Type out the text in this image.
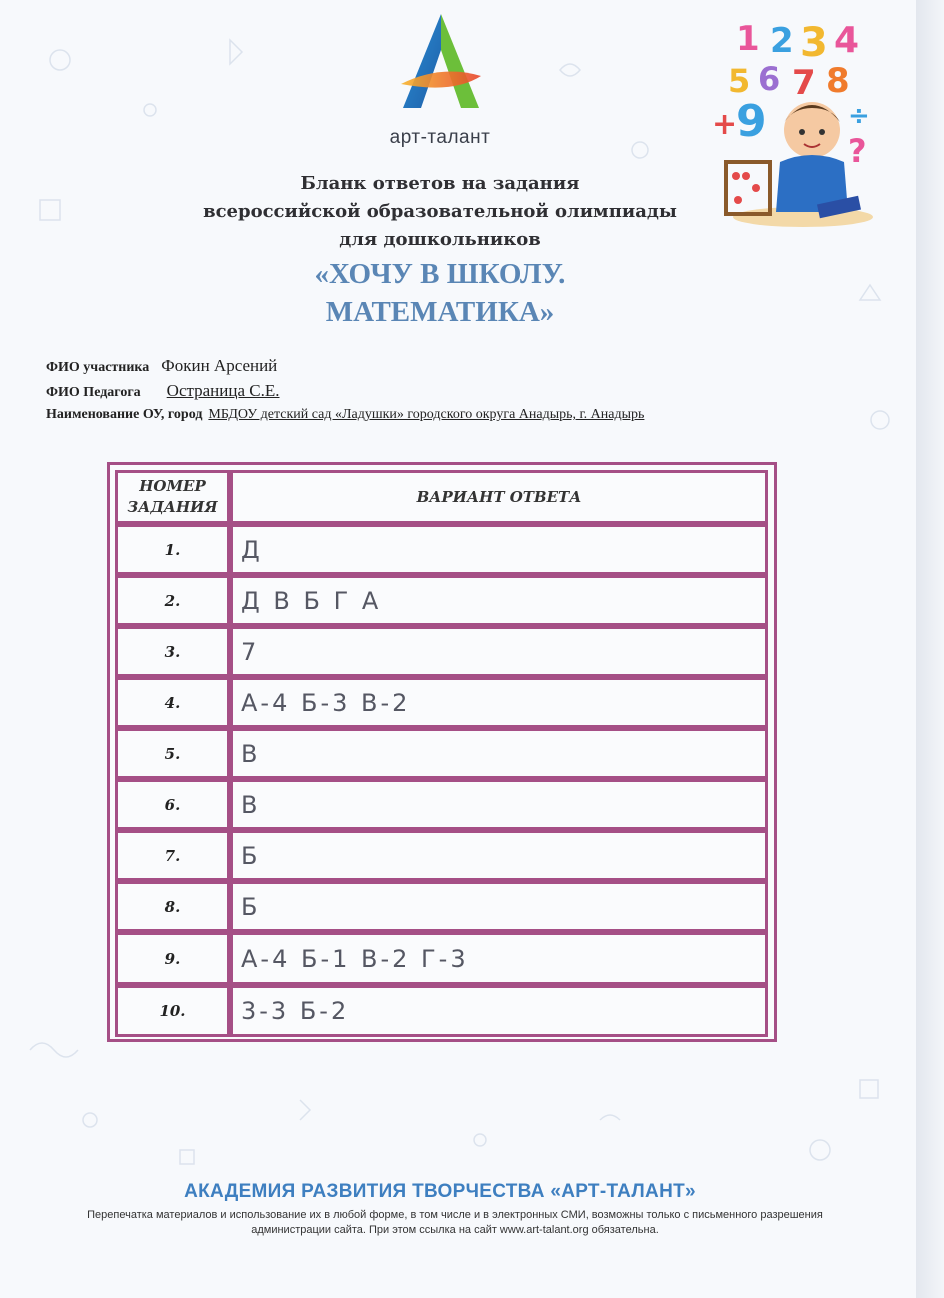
арт-талант
1 2 3 4
5 6 7 8
9
+	÷
?
Бланк ответов на задания
всероссийской образовательной олимпиады
для дошкольников
«ХОЧУ В ШКОЛУ.
МАТЕМАТИКА»
ФИО участника Фокин Арсений
ФИО Педагога Остраница С.Е.
Наименование ОУ, город МБДОУ детский сад «Ладушки» городского округа Анадырь, г. Анадырь
НОМЕР
ЗАДАНИЯ
ВАРИАНТ ОТВЕТА
1.	Д
2.	Д В Б Г А
3.	7
4.	А-4 Б-3 В-2
5.	В
6.	В
7.	Б
8.	Б
9.	А-4 Б-1 В-2 Г-3
10.	3-3 Б-2
АКАДЕМИЯ РАЗВИТИЯ ТВОРЧЕСТВА «АРТ-ТАЛАНТ»
Перепечатка материалов и использование их в любой форме, в том числе и в электронных СМИ, возможны только с письменного разрешения администрации сайта. При этом ссылка на сайт www.art-talant.org обязательна.
